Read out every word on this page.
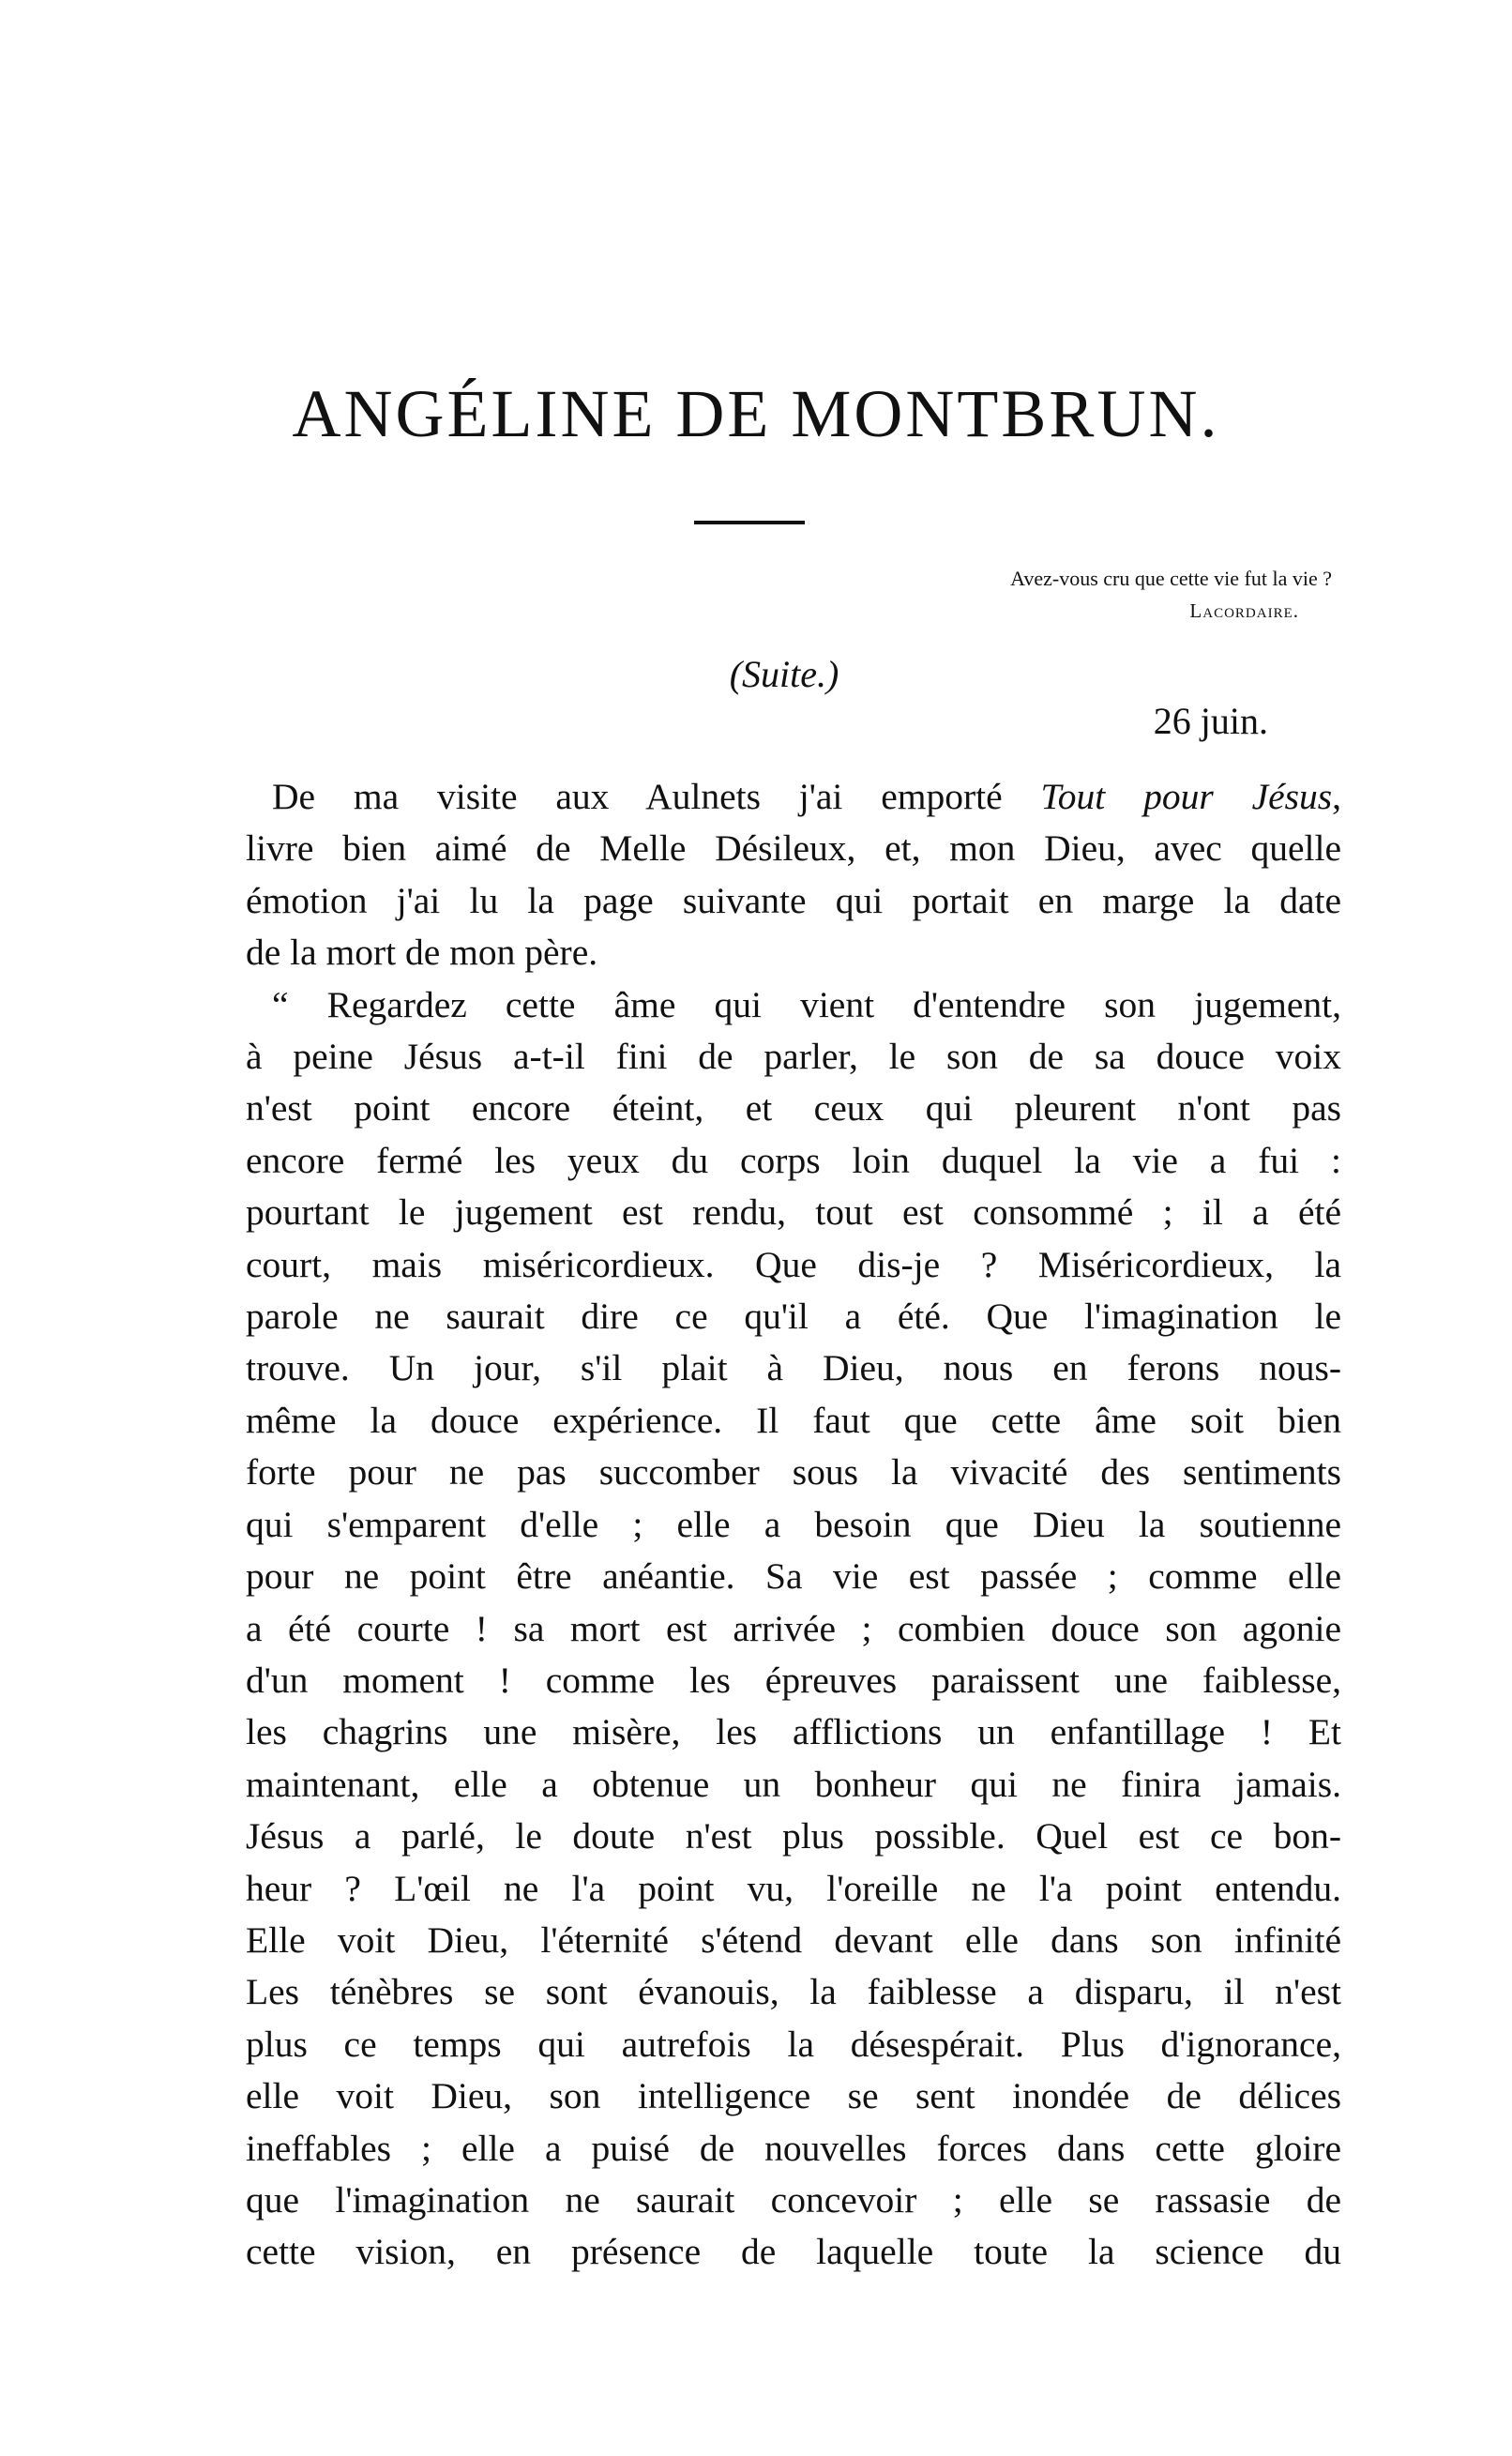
ANGÉLINE DE MONTBRUN.
Avez-vous cru que cette vie fut la vie ?
Lacordaire.
(Suite.)
26 juin.
De ma visite aux Aulnets j'ai emporté Tout pour Jésus,
livre bien aimé de Melle Désileux, et, mon Dieu, avec quelle
émotion j'ai lu la page suivante qui portait en marge la date
de la mort de mon père.
“ Regardez cette âme qui vient d'entendre son jugement,
à peine Jésus a-t-il fini de parler, le son de sa douce voix
n'est point encore éteint, et ceux qui pleurent n'ont pas
encore fermé les yeux du corps loin duquel la vie a fui :
pourtant le jugement est rendu, tout est consommé ; il a été
court, mais miséricordieux. Que dis-je ? Miséricordieux, la
parole ne saurait dire ce qu'il a été. Que l'imagination le
trouve. Un jour, s'il plait à Dieu, nous en ferons nous-
même la douce expérience. Il faut que cette âme soit bien
forte pour ne pas succomber sous la vivacité des sentiments
qui s'emparent d'elle ; elle a besoin que Dieu la soutienne
pour ne point être anéantie. Sa vie est passée ; comme elle
a été courte ! sa mort est arrivée ; combien douce son agonie
d'un moment ! comme les épreuves paraissent une faiblesse,
les chagrins une misère, les afflictions un enfantillage ! Et
maintenant, elle a obtenue un bonheur qui ne finira jamais.
Jésus a parlé, le doute n'est plus possible. Quel est ce bon-
heur ? L'œil ne l'a point vu, l'oreille ne l'a point entendu.
Elle voit Dieu, l'éternité s'étend devant elle dans son infinité
Les ténèbres se sont évanouis, la faiblesse a disparu, il n'est
plus ce temps qui autrefois la désespérait. Plus d'ignorance,
elle voit Dieu, son intelligence se sent inondée de délices
ineffables ; elle a puisé de nouvelles forces dans cette gloire
que l'imagination ne saurait concevoir ; elle se rassasie de
cette vision, en présence de laquelle toute la science du
